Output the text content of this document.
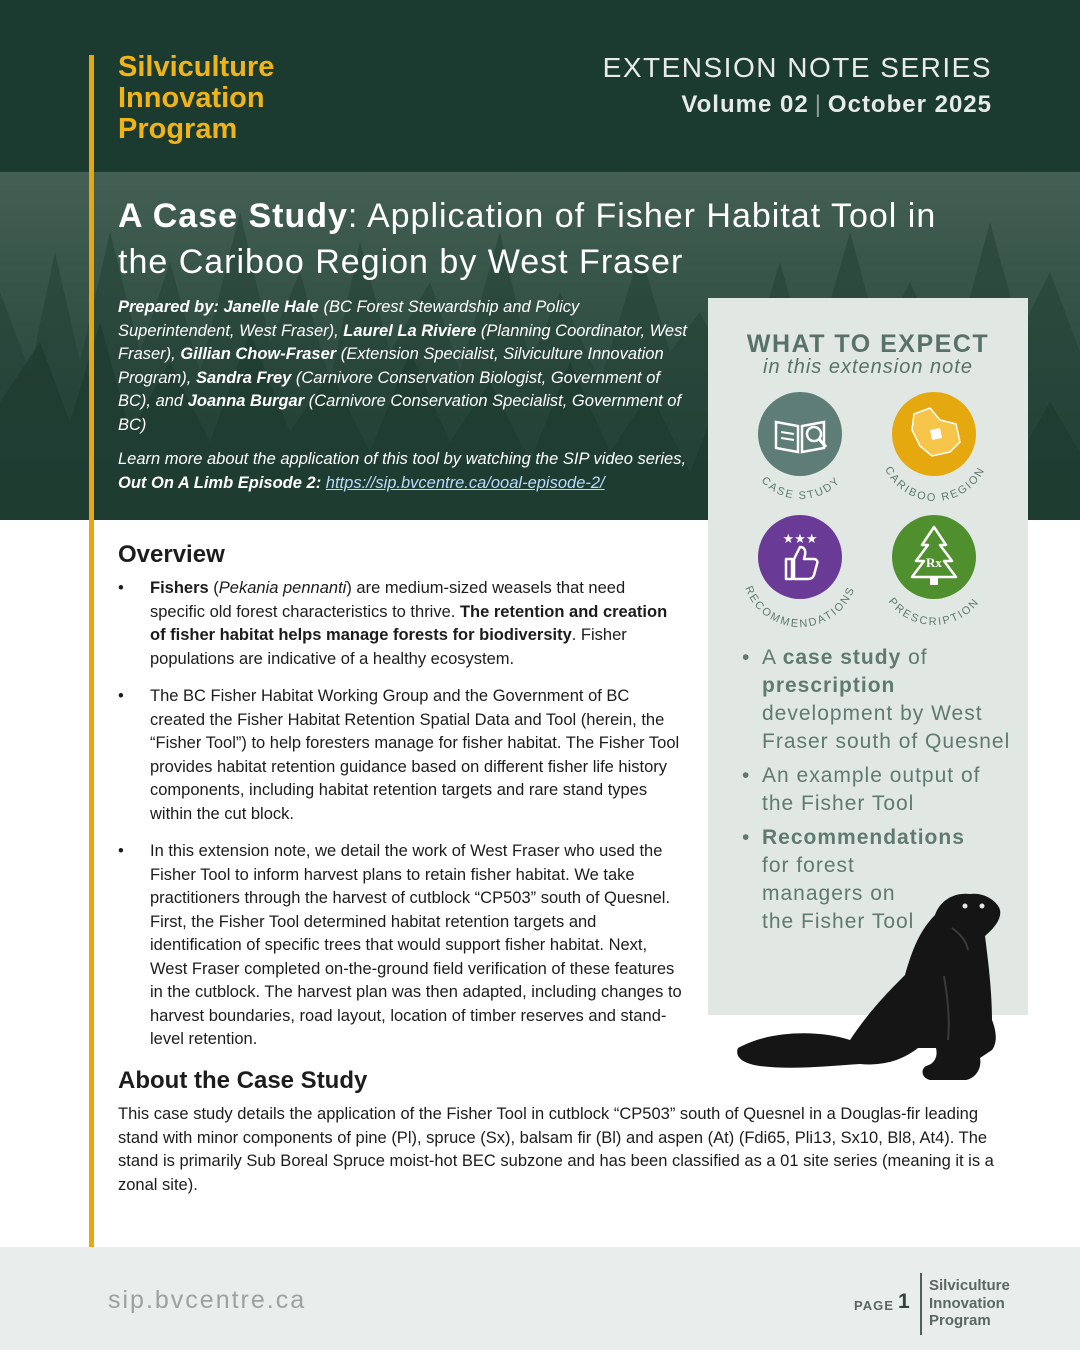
Silviculture
Innovation
Program
EXTENSION NOTE SERIES
Volume 02 | October 2025
A Case Study: Application of Fisher Habitat Tool in the Cariboo Region by West Fraser
Prepared by: Janelle Hale (BC Forest Stewardship and Policy Superintendent, West Fraser), Laurel La Riviere (Planning Coordinator, West Fraser), Gillian Chow-Fraser (Extension Specialist, Silviculture Innovation Program), Sandra Frey (Carnivore Conservation Biologist, Government of BC), and Joanna Burgar (Carnivore Conservation Specialist, Government of BC)
Learn more about the application of this tool by watching the SIP video series, Out On A Limb Episode 2: https://sip.bvcentre.ca/ooal-episode-2/
WHAT TO EXPECT
in this extension note
CASE STUDY
CARIBOO REGION
★★★
RECOMMENDATIONS
Rx
PRESCRIPTION
• A case study of prescription development by West Fraser south of Quesnel
• An example output of the Fisher Tool
• Recommendations for forest managers on the Fisher Tool
Overview
• Fishers (Pekania pennanti) are medium-sized weasels that need specific old forest characteristics to thrive. The retention and creation of fisher habitat helps manage forests for biodiversity. Fisher populations are indicative of a healthy ecosystem.
• The BC Fisher Habitat Working Group and the Government of BC created the Fisher Habitat Retention Spatial Data and Tool (herein, the “Fisher Tool”) to help foresters manage for fisher habitat. The Fisher Tool provides habitat retention guidance based on different fisher life history components, including habitat retention targets and rare stand types within the cut block.
• In this extension note, we detail the work of West Fraser who used the Fisher Tool to inform harvest plans to retain fisher habitat. We take practitioners through the harvest of cutblock “CP503” south of Quesnel. First, the Fisher Tool determined habitat retention targets and identification of specific trees that would support fisher habitat. Next, West Fraser completed on-the-ground field verification of these features in the cutblock. The harvest plan was then adapted, including changes to harvest boundaries, road layout, location of timber reserves and stand-level retention.
About the Case Study

This case study details the application of the Fisher Tool in cutblock “CP503” south of Quesnel in a Douglas-fir leading stand with minor components of pine (Pl), spruce (Sx), balsam fir (Bl) and aspen (At) (Fdi65, Pli13, Sx10, Bl8, At4). The stand is primarily Sub Boreal Spruce moist-hot BEC subzone and has been classified as a 01 site series (meaning it is a zonal site).

sip.bvcentre.ca	PAGE 1
Silviculture
Innovation
Program
